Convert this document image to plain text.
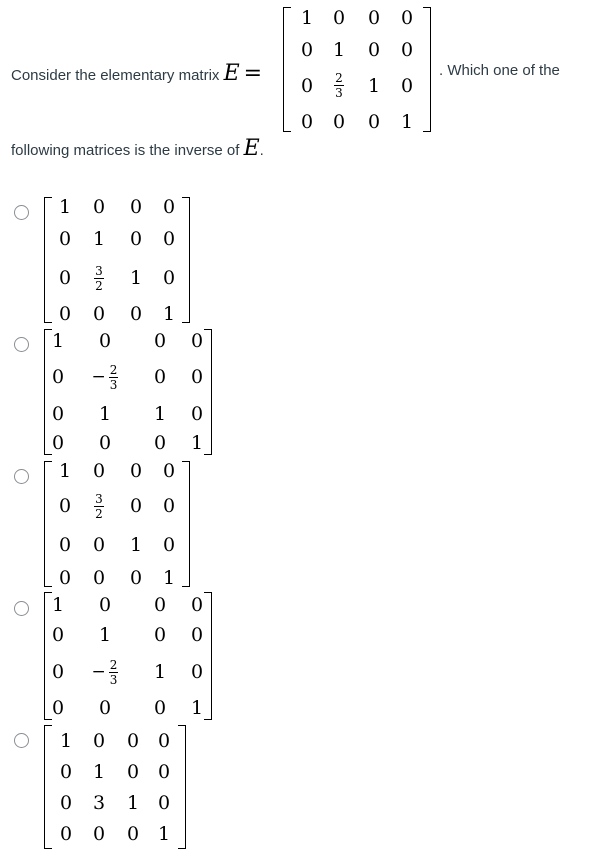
Consider the elementary matrix E =
1	0	0	0
0	1	0	0
0	$\frac{2}{3}$	1	0
0	0	0	1
. Which one of the
following matrices is the inverse of E.
1	0	0	0
0	1	0	0
0	$\frac{3}{2}$	1	0
0	0	0	1
1	0	0	0
0	− $\frac{2}{3}$	0	0
0	1	1	0
0	0	0	1
1	0	0	0
0	$\frac{3}{2}$	0	0
0	0	1	0
0	0	0	1
1	0	0	0
0	1	0	0
0	− $\frac{2}{3}$	1	0
0	0	0	1
1	0	0 0
0	1	0 0
0	3	1 0
0	0	0 1
